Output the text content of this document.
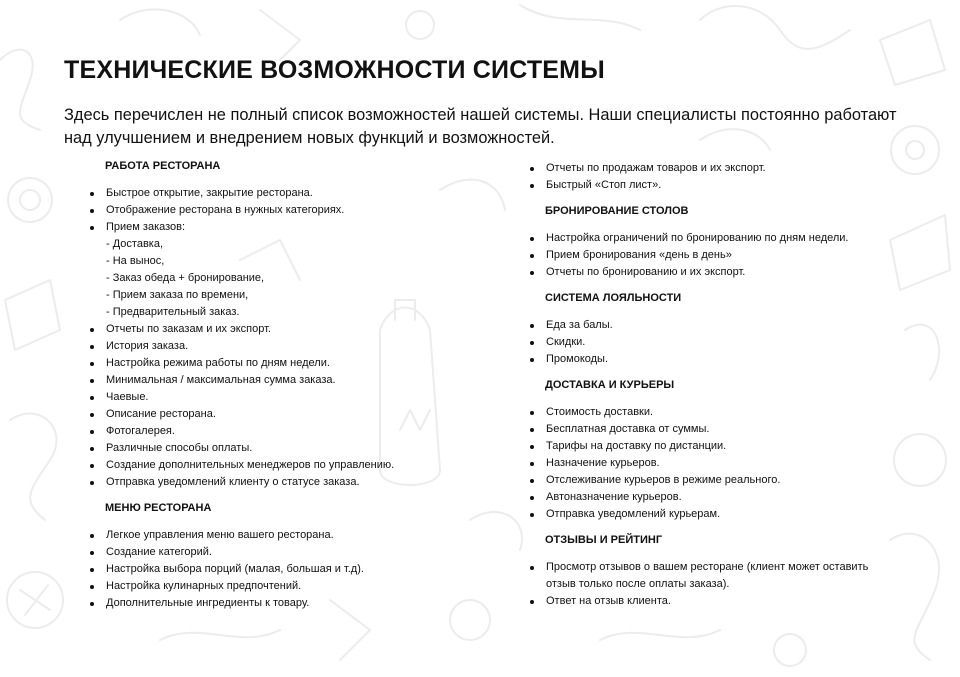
ТЕХНИЧЕСКИЕ ВОЗМОЖНОСТИ СИСТЕМЫ
Здесь перечислен не полный список возможностей нашей системы. Наши специалисты постоянно работают над улучшением и внедрением новых функций и возможностей.
РАБОТА РЕСТОРАНА
Быстрое открытие, закрытие ресторана.
Отображение ресторана в нужных категориях.
Прием заказов:
- Доставка,
- На вынос,
- Заказ обеда + бронирование,
- Прием заказа по времени,
- Предварительный заказ.
Отчеты по заказам и их экспорт.
История заказа.
Настройка режима работы по дням недели.
Минимальная / максимальная сумма заказа.
Чаевые.
Описание ресторана.
Фотогалерея.
Различные способы оплаты.
Создание дополнительных менеджеров по управлению.
Отправка уведомлений клиенту о статусе заказа.
МЕНЮ РЕСТОРАНА
Легкое управления меню вашего ресторана.
Создание категорий.
Настройка выбора порций (малая, большая и т.д).
Настройка кулинарных предпочтений.
Дополнительные ингредиенты к товару.
Отчеты по продажам товаров и их экспорт.
Быстрый «Стоп лист».
БРОНИРОВАНИЕ СТОЛОВ
Настройка ограничений по бронированию по дням недели.
Прием бронирования «день в день»
Отчеты по бронированию и их экспорт.
СИСТЕМА ЛОЯЛЬНОСТИ
Еда за балы.
Скидки.
Промокоды.
ДОСТАВКА И КУРЬЕРЫ
Стоимость доставки.
Бесплатная доставка от суммы.
Тарифы на доставку по дистанции.
Назначение курьеров.
Отслеживание курьеров в режиме реального.
Автоназначение курьеров.
Отправка уведомлений курьерам.
ОТЗЫВЫ И РЕЙТИНГ
Просмотр отзывов о вашем ресторане (клиент может оставить отзыв только после оплаты заказа).
Ответ на отзыв клиента.
